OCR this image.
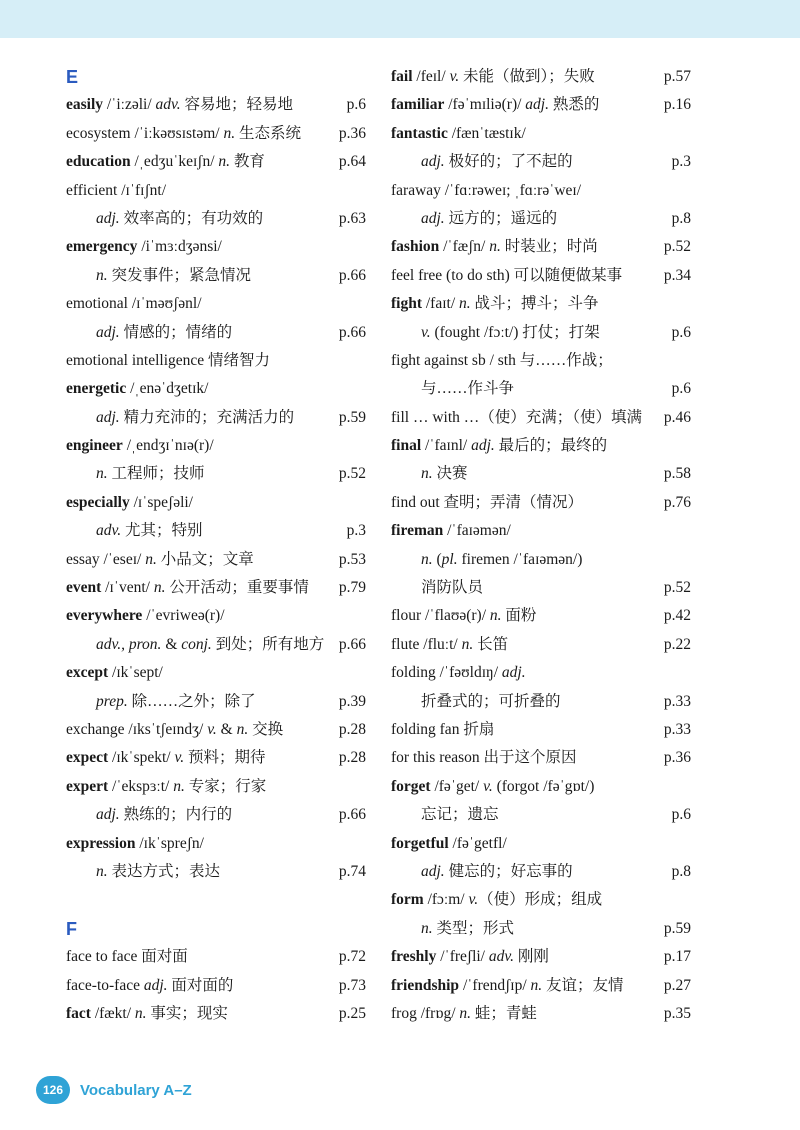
E
easily /ˈiːzəli/ adv. 容易地；轻易地	p.6
ecosystem /ˈiːkəʊsɪstəm/ n. 生态系统 p.36
education /ˌedʒuˈkeɪʃn/ n. 教育	p.64
efficient /ɪˈfɪʃnt/
adj. 效率高的；有功效的	p.63
emergency /iˈmɜːdʒənsi/
n. 突发事件；紧急情况	p.66
emotional /ɪˈməʊʃənl/
adj. 情感的；情绪的	p.66
emotional intelligence 情绪智力
energetic /ˌenəˈdʒetɪk/
adj. 精力充沛的；充满活力的	p.59
engineer /ˌendʒɪˈnɪə(r)/
n. 工程师；技师	p.52
especially /ɪˈspeʃəli/
adv. 尤其；特别	p.3
essay /ˈeseɪ/ n. 小品文；文章	p.53
event /ɪˈvent/ n. 公开活动；重要事情 p.79
everywhere /ˈevriweə(r)/
adv., pron. & conj. 到处；所有地方 p.66
except /ɪkˈsept/
prep. 除……之外；除了	p.39
exchange /ɪksˈtʃeɪndʒ/ v. & n. 交换	p.28
expect /ɪkˈspekt/ v. 预料；期待	p.28
expert /ˈekspɜːt/ n. 专家；行家
adj. 熟练的；内行的	p.66
expression /ɪkˈspreʃn/
n. 表达方式；表达	p.74
F
face to face 面对面	p.72
face-to-face adj. 面对面的	p.73
fact /fækt/ n. 事实；现实	p.25
fail /feɪl/ v. 未能（做到）；失败	p.57
familiar /fəˈmɪliə(r)/ adj. 熟悉的	p.16
fantastic /fænˈtæstɪk/
adj. 极好的；了不起的	p.3
faraway /ˈfɑːrəweɪ; ˌfɑːrəˈweɪ/
adj. 远方的；遥远的	p.8
fashion /ˈfæʃn/ n. 时装业；时尚	p.52
feel free (to do sth) 可以随便做某事	p.34
fight /faɪt/ n. 战斗；搏斗；斗争
v. (fought /fɔːt/) 打仗；打架	p.6
fight against sb / sth 与……作战；
与……作斗争	p.6
fill … with …（使）充满；（使）填满 p.46
final /ˈfaɪnl/ adj. 最后的；最终的
n. 决赛	p.58
find out 查明；弄清（情况）	p.76
fireman /ˈfaɪəmən/
n. (pl. firemen /ˈfaɪəmən/)
消防队员	p.52
flour /ˈflaʊə(r)/ n. 面粉	p.42
flute /fluːt/ n. 长笛	p.22
folding /ˈfəʊldɪŋ/ adj.
折叠式的；可折叠的	p.33
folding fan 折扇	p.33
for this reason 出于这个原因	p.36
forget /fəˈget/ v. (forgot /fəˈgɒt/)
忘记；遗忘	p.6
forgetful /fəˈgetfl/
adj. 健忘的；好忘事的	p.8
form /fɔːm/ v.（使）形成；组成
n. 类型；形式	p.59
freshly /ˈfreʃli/ adv. 刚刚	p.17
friendship /ˈfrendʃɪp/ n. 友谊；友情	p.27
frog /frɒg/ n. 蛙；青蛙	p.35
126	Vocabulary A–Z
